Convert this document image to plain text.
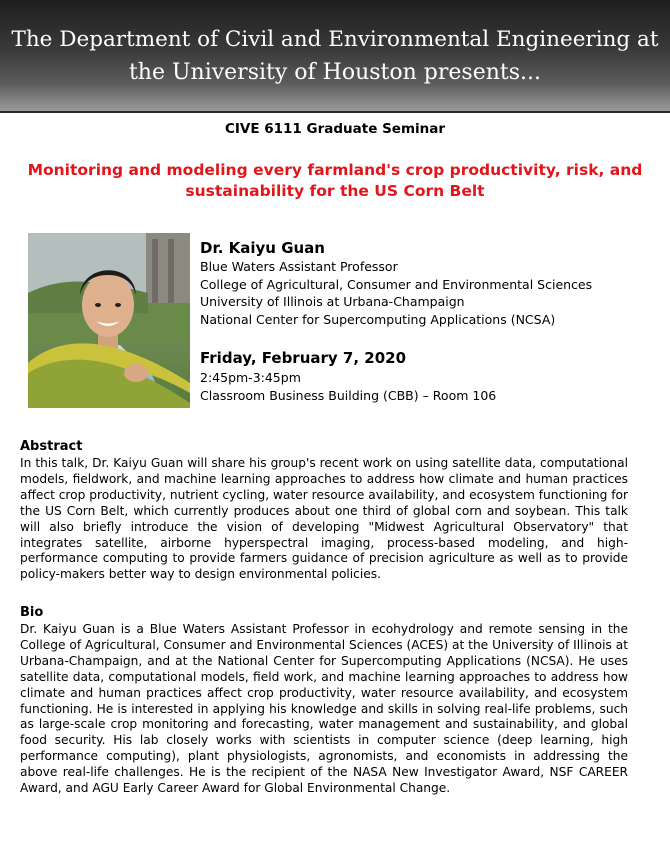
The Department of Civil and Environmental Engineering at
the University of Houston presents...
CIVE 6111 Graduate Seminar
Monitoring and modeling every farmland's crop productivity, risk, and
sustainability for the US Corn Belt
Dr. Kaiyu Guan
Blue Waters Assistant Professor
College of Agricultural, Consumer and Environmental Sciences
University of Illinois at Urbana-Champaign
National Center for Supercomputing Applications (NCSA)
Friday, February 7, 2020
2:45pm-3:45pm
Classroom Business Building (CBB) – Room 106
Abstract
In this talk, Dr. Kaiyu Guan will share his group's recent work on using satellite data, computational models, fieldwork, and machine learning approaches to address how climate and human practices affect crop productivity, nutrient cycling, water resource availability, and ecosystem functioning for the US Corn Belt, which currently produces about one third of global corn and soybean. This talk will also briefly introduce the vision of developing "Midwest Agricultural Observatory" that integrates satellite, airborne hyperspectral imaging, process-based modeling, and high-performance computing to provide farmers guidance of precision agriculture as well as to provide policy-makers better way to design environmental policies.
Bio
Dr. Kaiyu Guan is a Blue Waters Assistant Professor in ecohydrology and remote sensing in the College of Agricultural, Consumer and Environmental Sciences (ACES) at the University of Illinois at Urbana-Champaign, and at the National Center for Supercomputing Applications (NCSA). He uses satellite data, computational models, field work, and machine learning approaches to address how climate and human practices affect crop productivity, water resource availability, and ecosystem functioning. He is interested in applying his knowledge and skills in solving real-life problems, such as large-scale crop monitoring and forecasting, water management and sustainability, and global food security. His lab closely works with scientists in computer science (deep learning, high performance computing), plant physiologists, agronomists, and economists in addressing the above real-life challenges. He is the recipient of the NASA New Investigator Award, NSF CAREER Award, and AGU Early Career Award for Global Environmental Change.
